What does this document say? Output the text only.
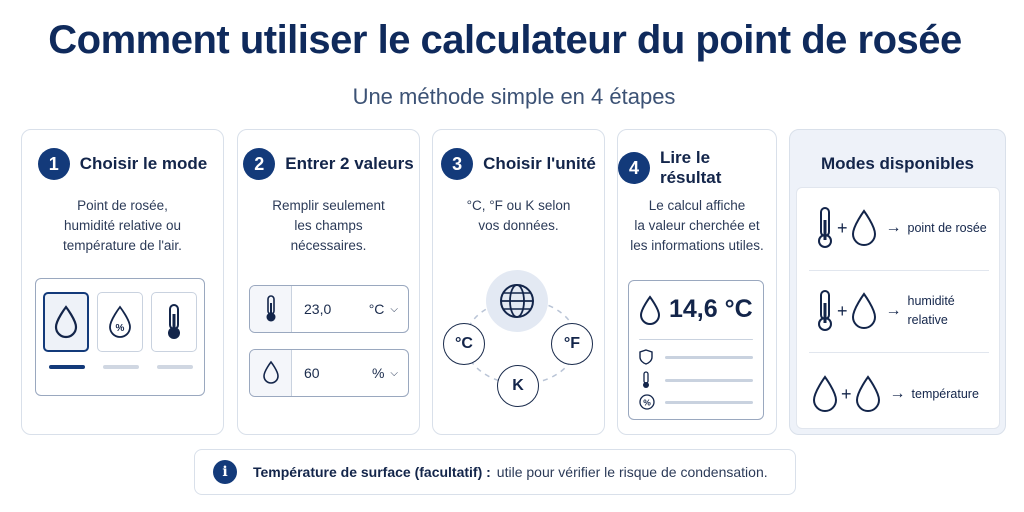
Comment utiliser le calculateur du point de rosée
Une méthode simple en 4 étapes
1	Choisir le mode
Point de rosée,
humidité relative ou
température de l'air.
%
2	Entrer 2 valeurs
Remplir seulement
les champs
nécessaires.
23,0	°C ⌵
60	% ⌵
3	Choisir l'unité
°C, °F ou K selon
vos données.
°C	°F
K
4	Lire le résultat
Le calcul affiche
la valeur cherchée et
les informations utiles.
14,6 °C
%
Modes disponibles
+ → point de rosée
+ →
humidité relative
+ → température
i	Température de surface (facultatif) : utile pour vérifier le risque de condensation.
